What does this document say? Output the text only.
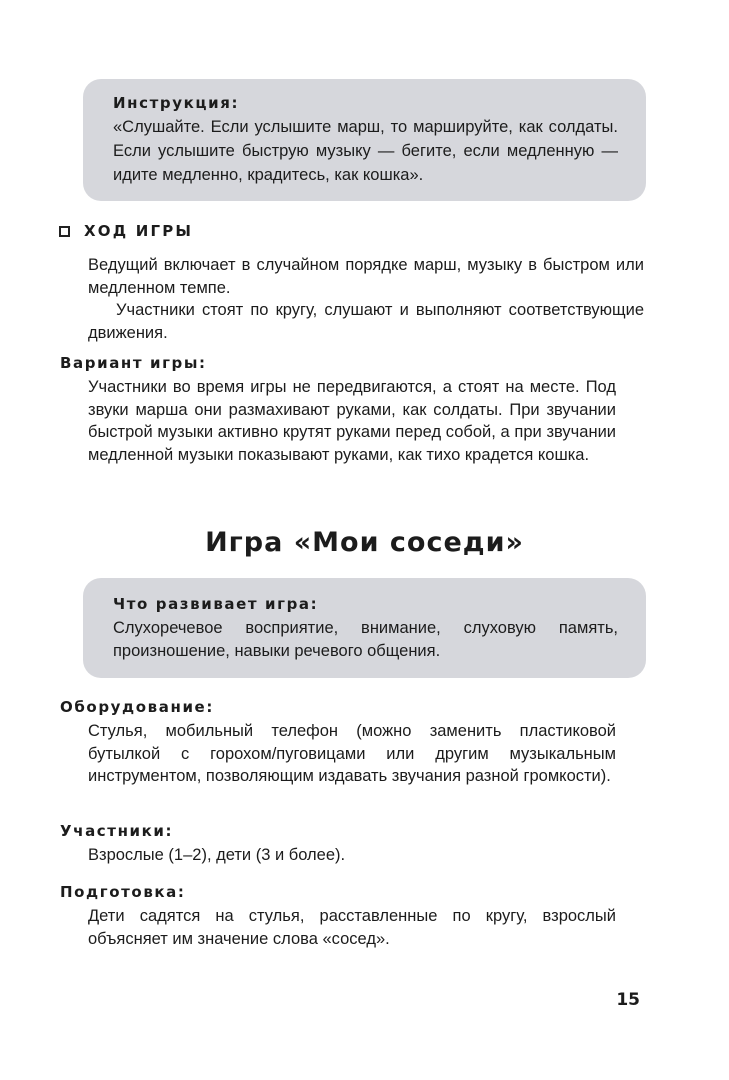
Инструкция:

«Слушайте. Если услышите марш, то маршируйте, как солдаты. Если услышите быструю музыку — бегите, если медленную — идите медленно, крадитесь, как кошка».

ХОД ИГРЫ

Ведущий включает в случайном порядке марш, музыку в быстром или медленном темпе.

Участники стоят по кругу, слушают и выполняют соответствующие движения.

Вариант игры:

Участники во время игры не передвигаются, а стоят на месте. Под звуки марша они размахивают руками, как солдаты. При звучании быстрой музыки активно крутят руками перед собой, а при звучании медленной музыки показывают руками, как тихо крадется кошка.

Игра «Мои соседи»

Что развивает игра:

Слухоречевое восприятие, внимание, слуховую память, произношение, навыки речевого общения.

Оборудование:

Стулья, мобильный телефон (можно заменить пластиковой бутылкой с горохом/пуговицами или другим музыкальным инструментом, позволяющим издавать звучания разной громкости).

Участники:

Взрослые (1–2), дети (3 и более).

Подготовка:

Дети садятся на стулья, расставленные по кругу, взрослый объясняет им значение слова «сосед».

15
